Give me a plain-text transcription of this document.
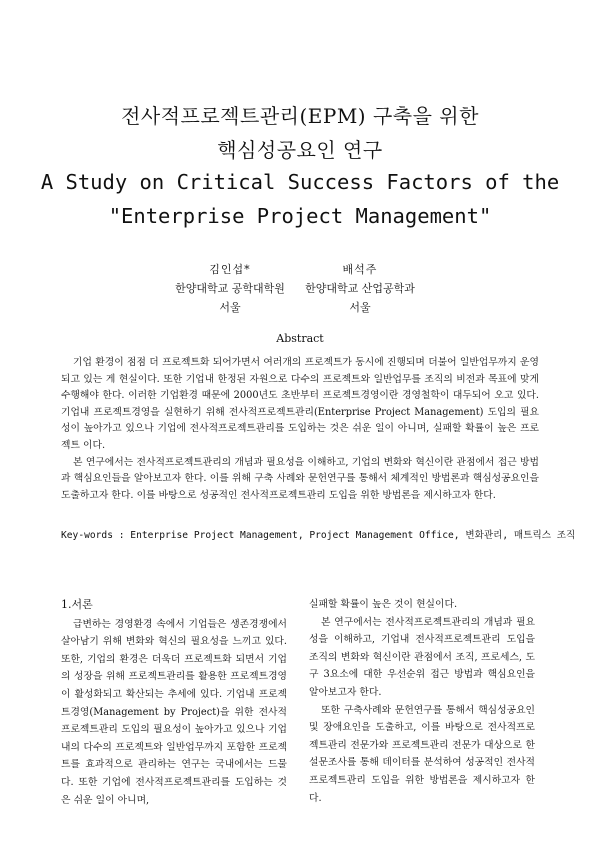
전사적프로젝트관리(EPM) 구축을 위한
핵심성공요인 연구
A Study on Critical Success Factors of the
"Enterprise Project Management"
김인섭*
한양대학교 공학대학원
서울
배석주
한양대학교 산업공학과
서울
Abstract

기업 환경이 점점 더 프로젝트화 되어가면서 여러개의 프로젝트가 동시에 진행되며 더불어 일반업무까지 운영되고 있는 게 현실이다. 또한 기업내 한정된 자원으로 다수의 프로젝트와 일반업무를 조직의 비전과 목표에 맞게 수행해야 한다. 이러한 기업환경 때문에 2000년도 초반부터 프로젝트경영이란 경영철학이 대두되어 오고 있다. 기업내 프로젝트경영을 실현하기 위해 전사적프로젝트관리(Enterprise Project Management) 도입의 필요성이 높아가고 있으나 기업에 전사적프로젝트관리를 도입하는 것은 쉬운 일이 아니며, 실패할 확률이 높은 프로젝트 이다.

본 연구에서는 전사적프로젝트관리의 개념과 필요성을 이해하고, 기업의 변화와 혁신이란 관점에서 접근 방법과 핵심요인들을 알아보고자 한다. 이를 위해 구축 사례와 문헌연구를 통해서 체계적인 방법론과 핵심성공요인을 도출하고자 한다. 이를 바탕으로 성공적인 전사적프로젝트관리 도입을 위한 방법론을 제시하고자 한다.

Key-words : Enterprise Project Management, Project Management Office, 변화관리, 매트릭스 조직

1.서론

급변하는 경영환경 속에서 기업들은 생존경쟁에서 살아남기 위해 변화와 혁신의 필요성을 느끼고 있다. 또한, 기업의 환경은 더욱더 프로젝트화 되면서 기업의 성장을 위해 프로젝트관리를 활용한 프로젝트경영이 활성화되고 확산되는 추세에 있다. 기업내 프로젝트경영(Management by Project)을 위한 전사적프로젝트관리 도입의 필요성이 높아가고 있으나 기업내의 다수의 프로젝트와 일반업무까지 포함한 프로젝트를 효과적으로 관리하는 연구는 국내에서는 드물다. 또한 기업에 전사적프로젝트관리를 도입하는 것은 쉬운 일이 아니며,

실패할 확률이 높은 것이 현실이다.

본 연구에서는 전사적프로젝트관리의 개념과 필요성을 이해하고, 기업내 전사적프로젝트관리 도입을 조직의 변화와 혁신이란 관점에서 조직, 프로세스, 도구 3요소에 대한 우선순위 접근 방법과 핵심요인을 알아보고자 한다.

또한 구축사례와 문헌연구를 통해서 핵심성공요인 및 장애요인을 도출하고, 이를 바탕으로 전사적프로젝트관리 전문가와 프로젝트관리 전문가 대상으로 한 설문조사를 통해 데이터를 분석하여 성공적인 전사적프로젝트관리 도입을 위한 방법론을 제시하고자 한다.
